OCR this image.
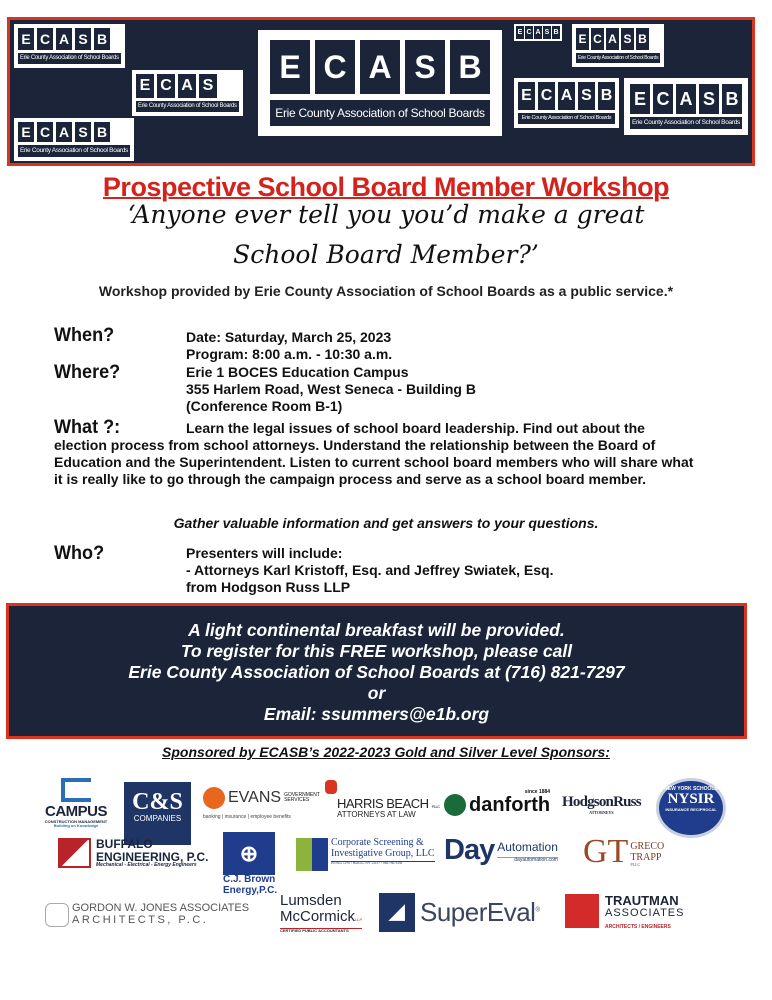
E C A S B
Erie County Association of School Boards
E C A S
Erie County Association of School Boards
E C A S B
Erie County Association of School Boards
E C A S B
Erie County Association of School Boards
E C A S B E C A S B
Erie County Association of School Boards
E C A S B
Erie County Association of School Boards
E C A S B
Erie County Association of School Boards
Prospective School Board Member Workshop
‘Anyone ever tell you you’d make a great
School Board Member?’
Workshop provided by Erie County Association of School Boards as a public service.*
When?	Date: Saturday, March 25, 2023
Program: 8:00 a.m. - 10:30 a.m.
Where?	Erie 1 BOCES Education Campus
355 Harlem Road, West Seneca - Building B
(Conference Room B-1)
What ?:	Learn the legal issues of school board leadership. Find out about the election process from school attorneys. Understand the relationship between the Board of Education and the Superintendent. Listen to current school board members who will share what it is really like to go through the campaign process and serve as a school board member.
Gather valuable information and get answers to your questions.
Who?	Presenters will include:
- Attorneys Karl Kristoff, Esq. and Jeffrey Swiatek, Esq.
from Hodgson Russ LLP
A light continental breakfast will be provided.
To register for this FREE workshop, please call
Erie County Association of School Boards at (716) 821-7297
or
Email: ssummers@e1b.org
Sponsored by ECASB’s 2022-2023 Gold and Silver Level Sponsors:
CAMPUS
CONSTRUCTION MANAGEMENT
Building on Knowledge
C&S
COMPANIES
EVANS GOVERNMENT SERVICES
banking | insurance | employee benefits
HARRIS BEACH PLLC
ATTORNEYS AT LAW
since 1884
danforth HodgsonRuss
ATTORNEYS
NEW YORK SCHOOLS
NYSIR
INSURANCE RECIPROCAL
BUFFALO
ENGINEERING, P.C.
Mechanical - Electrical - Energy Engineers	⊕
C.J. Brown
Energy,P.C.
Corporate Screening &
Investigative Group, LLC
PO Box 1270 • Buffalo, NY 14127 • 866.780.3458	Day Automation
dayautomation.com GT GRECO
TRAPP
PLLC
GORDON W. JONES ASSOCIATES
ARCHITECTS, P.C.
Lumsden
McCormickLLP
CERTIFIED PUBLIC ACCOUNTANTS
◢ SuperEval®
TRAUTMAN
ASSOCIATES
ARCHITECTS / ENGINEERS
